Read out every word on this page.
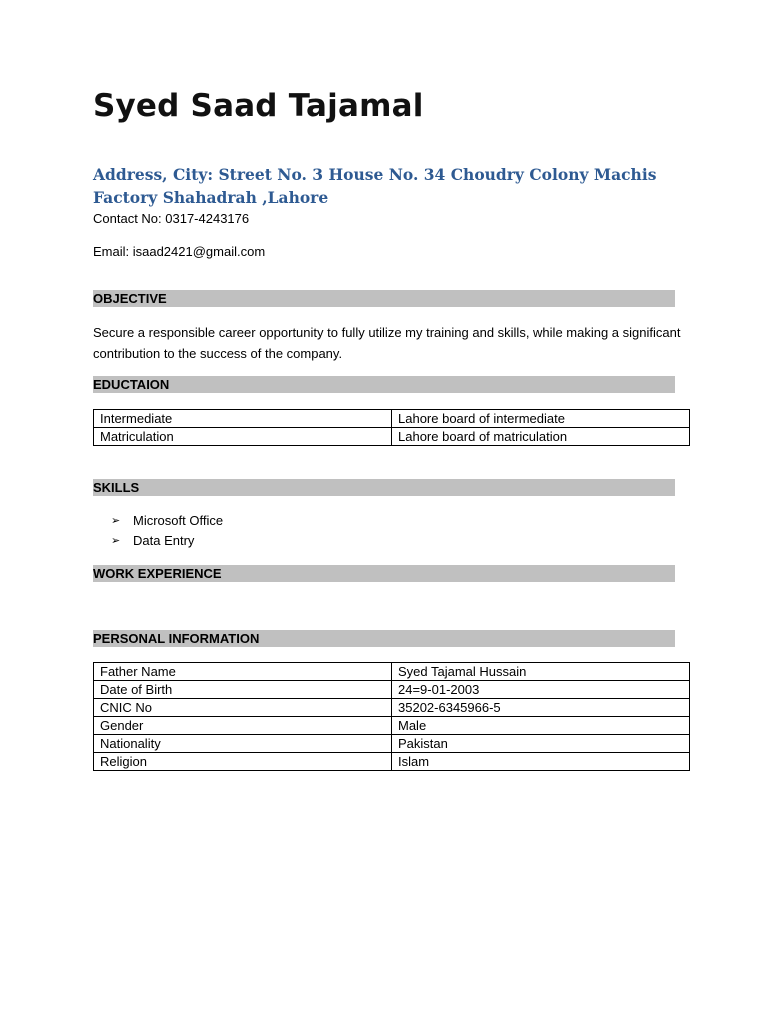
Syed Saad Tajamal
Address, City: Street No. 3 House No. 34 Choudry Colony Machis Factory Shahadrah ,Lahore
Contact No: 0317-4243176
Email: isaad2421@gmail.com
OBJECTIVE
Secure a responsible career opportunity to fully utilize my training and skills, while making a significant contribution to the success of the company.
EDUCTAION
Intermediate	Lahore board of intermediate
Matriculation	Lahore board of matriculation
SKILLS
➢ Microsoft Office
➢ Data Entry
WORK EXPERIENCE
PERSONAL INFORMATION
Father Name	Syed Tajamal Hussain
Date of Birth	24=9-01-2003
CNIC No	35202-6345966-5
Gender	Male
Nationality	Pakistan
Religion	Islam
